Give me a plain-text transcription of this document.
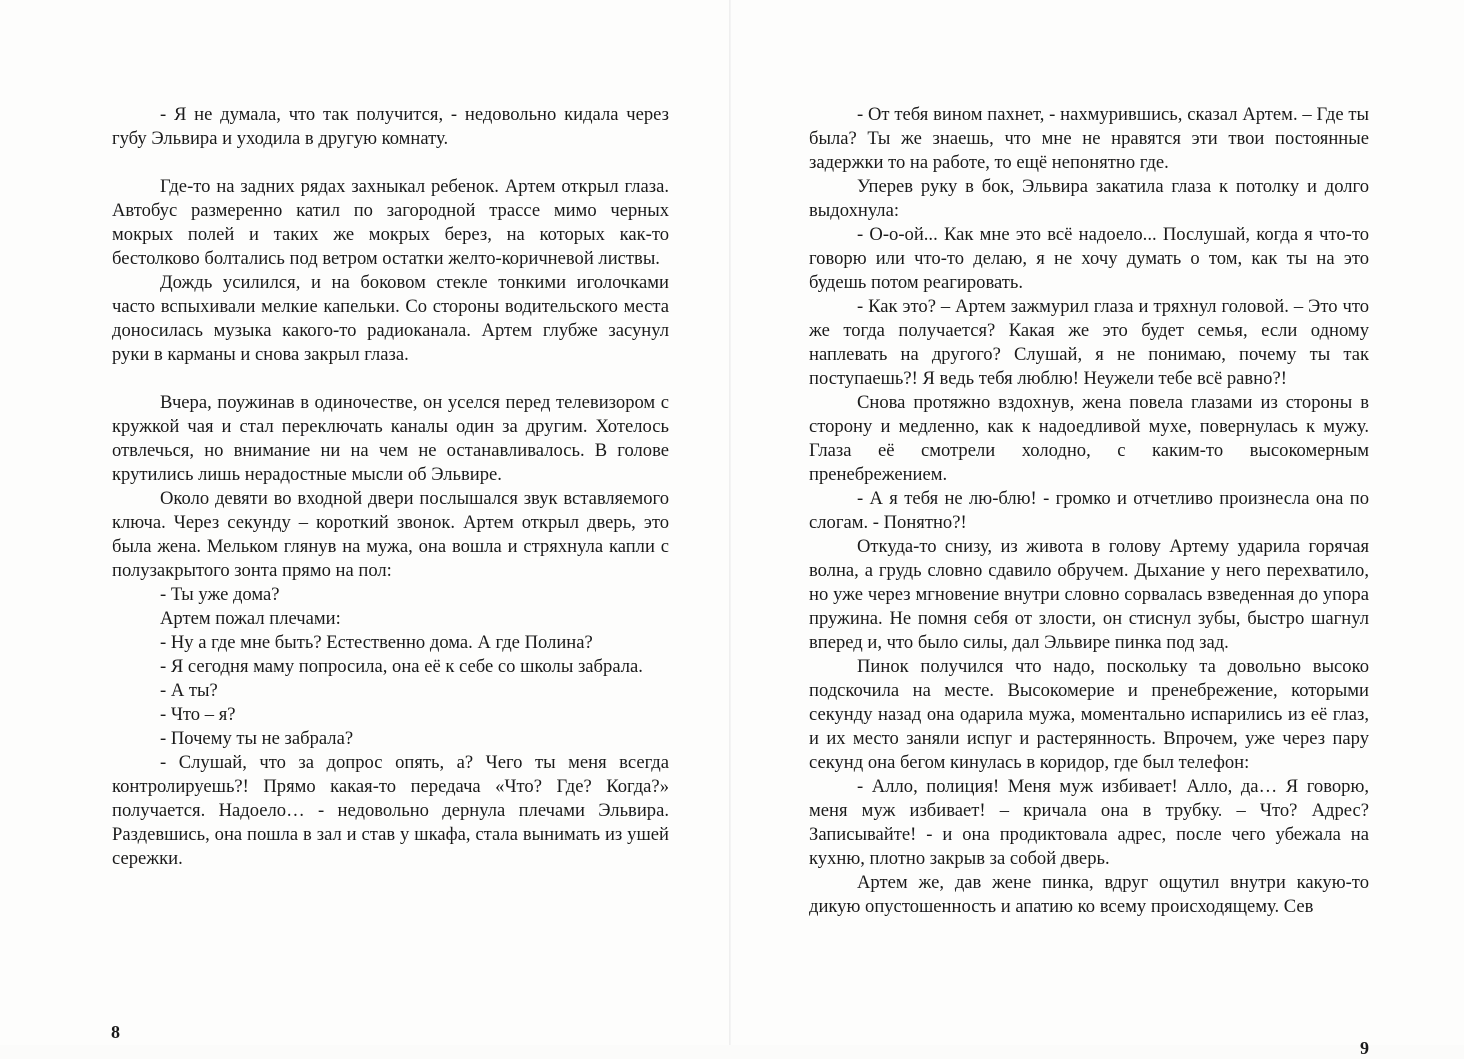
- Я не думала, что так получится, - недовольно кидала через губу Эльвира и уходила в другую комнату.

Где-то на задних рядах захныкал ребенок. Артем открыл глаза. Автобус размеренно катил по загородной трассе мимо черных мокрых полей и таких же мокрых берез, на которых как-то бестолково болтались под ветром остатки желто-коричневой листвы.

Дождь усилился, и на боковом стекле тонкими иголочками часто вспыхивали мелкие капельки. Со стороны водительского места доносилась музыка какого-то радиоканала. Артем глубже засунул руки в карманы и снова закрыл глаза.

Вчера, поужинав в одиночестве, он уселся перед телевизором с кружкой чая и стал переключать каналы один за другим. Хотелось отвлечься, но внимание ни на чем не останавливалось. В голове крутились лишь нерадостные мысли об Эльвире.

Около девяти во входной двери послышался звук вставляемого ключа. Через секунду – короткий звонок. Артем открыл дверь, это была жена. Мельком глянув на мужа, она вошла и стряхнула капли с полузакрытого зонта прямо на пол:

- Ты уже дома?

Артем пожал плечами:

- Ну а где мне быть? Естественно дома. А где Полина?

- Я сегодня маму попросила, она её к себе со школы забрала.

- А ты?

- Что – я?

- Почему ты не забрала?

- Слушай, что за допрос опять, а? Чего ты меня всегда контролируешь?! Прямо какая-то передача «Что? Где? Когда?» получается. Надоело… - недовольно дернула плечами Эльвира. Раздевшись, она пошла в зал и став у шкафа, стала вынимать из ушей сережки.

8

- От тебя вином пахнет, - нахмурившись, сказал Артем. – Где ты была? Ты же знаешь, что мне не нравятся эти твои постоянные задержки то на работе, то ещё непонятно где.

Уперев руку в бок, Эльвира закатила глаза к потолку и долго выдохнула:

- О-о-ой... Как мне это всё надоело... Послушай, когда я что-то говорю или что-то делаю, я не хочу думать о том, как ты на это будешь потом реагировать.

- Как это? – Артем зажмурил глаза и тряхнул головой. – Это что же тогда получается? Какая же это будет семья, если одному наплевать на другого? Слушай, я не понимаю, почему ты так поступаешь?! Я ведь тебя люблю! Неужели тебе всё равно?!

Снова протяжно вздохнув, жена повела глазами из стороны в сторону и медленно, как к надоедливой мухе, повернулась к мужу. Глаза её смотрели холодно, с каким-то высокомерным пренебрежением.

- А я тебя не лю-блю! - громко и отчетливо произнесла она по слогам. - Понятно?!

Откуда-то снизу, из живота в голову Артему ударила горячая волна, а грудь словно сдавило обручем. Дыхание у него перехватило, но уже через мгновение внутри словно сорвалась взведенная до упора пружина. Не помня себя от злости, он стиснул зубы, быстро шагнул вперед и, что было силы, дал Эльвире пинка под зад.

Пинок получился что надо, поскольку та довольно высоко подскочила на месте. Высокомерие и пренебрежение, которыми секунду назад она одарила мужа, моментально испарились из её глаз, и их место заняли испуг и растерянность. Впрочем, уже через пару секунд она бегом кинулась в коридор, где был телефон:

- Алло, полиция! Меня муж избивает! Алло, да… Я говорю, меня муж избивает! – кричала она в трубку. – Что? Адрес? Записывайте! - и она продиктовала адрес, после чего убежала на кухню, плотно закрыв за собой дверь.

Артем же, дав жене пинка, вдруг ощутил внутри какую-то дикую опустошенность и апатию ко всему происходящему. Сев

9
